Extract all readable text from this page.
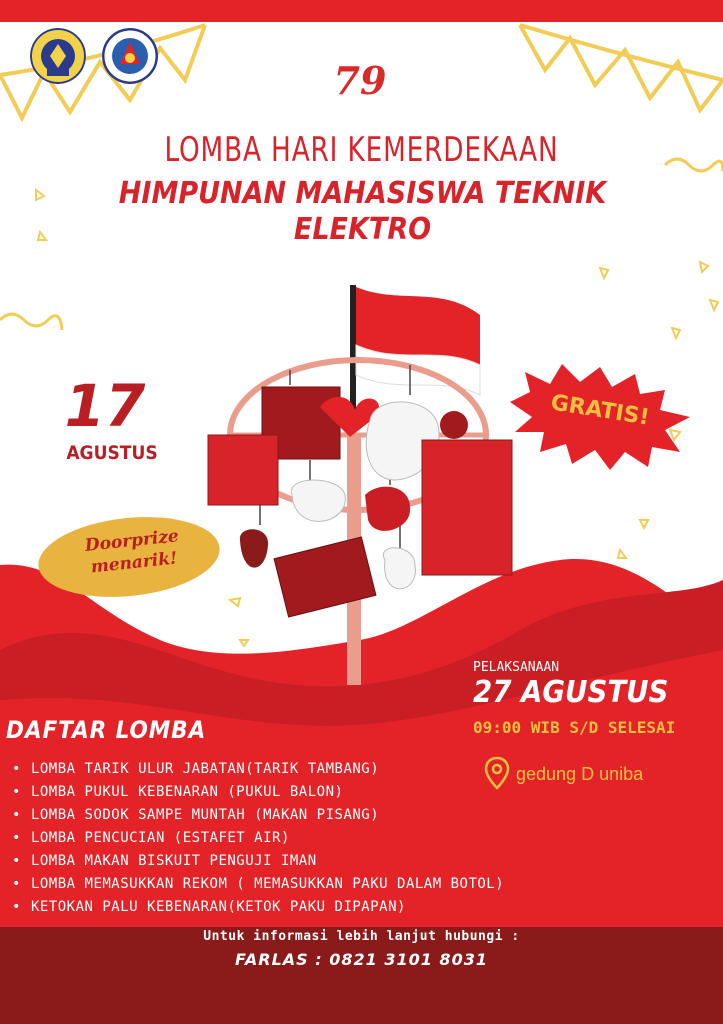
79
LOMBA HARI KEMERDEKAAN
HIMPUNAN MAHASISWA TEKNIK ELEKTRO
17
AGUSTUS
Doorprize menarik!
GRATIS!
PELAKSANAAN
27 AGUSTUS
09:00 WIB S/D SELESAI
gedung D uniba
DAFTAR LOMBA
• LOMBA TARIK ULUR JABATAN(TARIK TAMBANG)
• LOMBA PUKUL KEBENARAN (PUKUL BALON)
• LOMBA SODOK SAMPE MUNTAH (MAKAN PISANG)
• LOMBA PENCUCIAN (ESTAFET AIR)
• LOMBA MAKAN BISKUIT PENGUJI IMAN
• LOMBA MEMASUKKAN REKOM ( MEMASUKKAN PAKU DALAM BOTOL)
• KETOKAN PALU KEBENARAN(KETOK PAKU DIPAPAN)
Untuk informasi lebih lanjut hubungi :
FARLAS : 0821 3101 8031
